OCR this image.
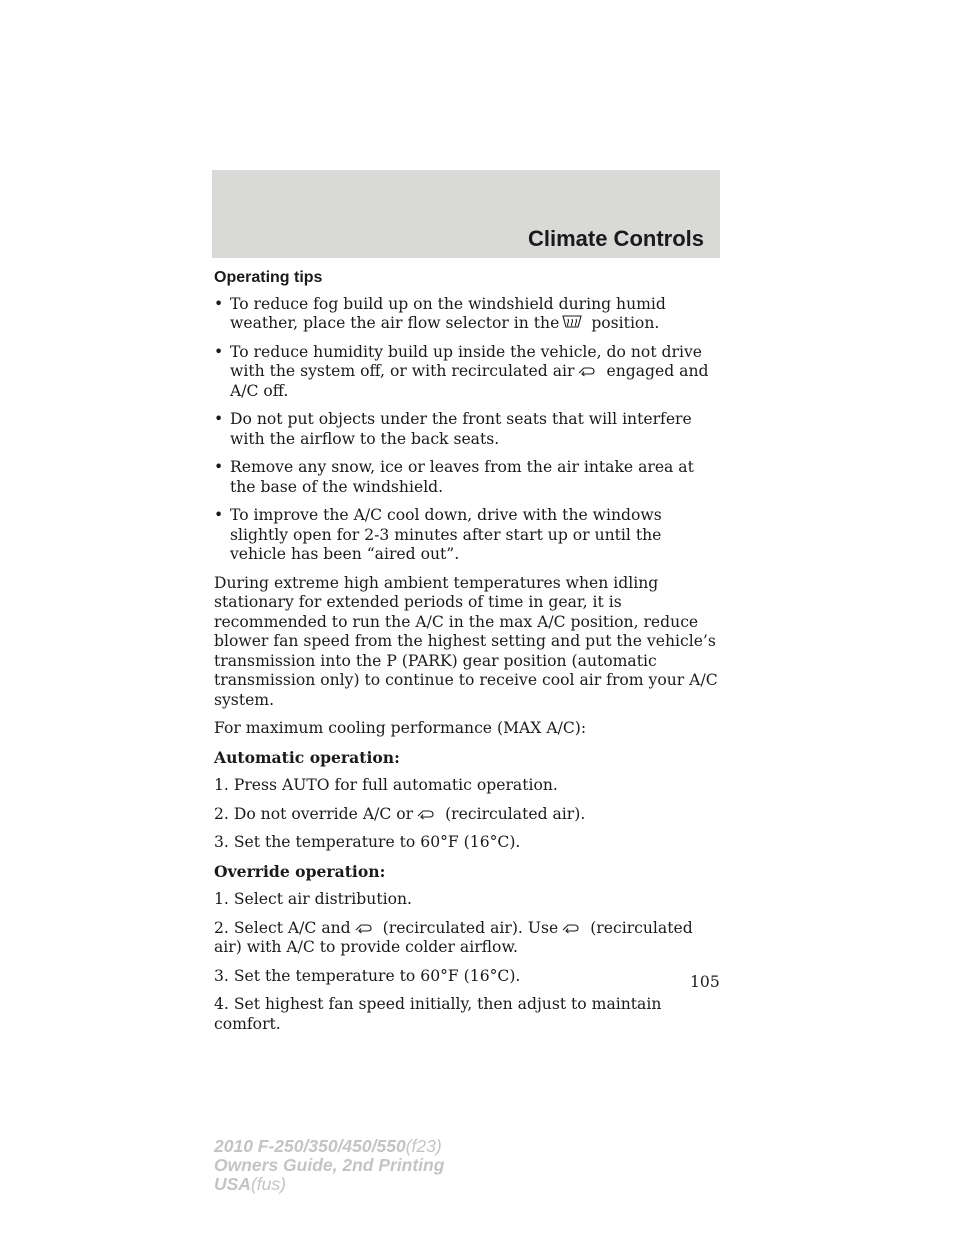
Climate Controls

Operating tips

• To reduce fog build up on the windshield during humid weather, place the air flow selector in the position.
• To reduce humidity build up inside the vehicle, do not drive with the system off, or with recirculated air engaged and A/C off.
• Do not put objects under the front seats that will interfere with the airflow to the back seats.
• Remove any snow, ice or leaves from the air intake area at the base of the windshield.
• To improve the A/C cool down, drive with the windows slightly open for 2-3 minutes after start up or until the vehicle has been “aired out”.

During extreme high ambient temperatures when idling stationary for extended periods of time in gear, it is recommended to run the A/C in the max A/C position, reduce blower fan speed from the highest setting and put the vehicle’s transmission into the P (PARK) gear position (automatic transmission only) to continue to receive cool air from your A/C system.

For maximum cooling performance (MAX A/C):

Automatic operation:

1. Press AUTO for full automatic operation.

2. Do not override A/C or (recirculated air).

3. Set the temperature to 60°F (16°C).

Override operation:

1. Select air distribution.

2. Select A/C and (recirculated air). Use (recirculated air) with A/C to provide colder airflow.

3. Set the temperature to 60°F (16°C).

4. Set highest fan speed initially, then adjust to maintain comfort.

105
2010 F-250/350/450/550(f23)
Owners Guide, 2nd Printing
USA(fus)
